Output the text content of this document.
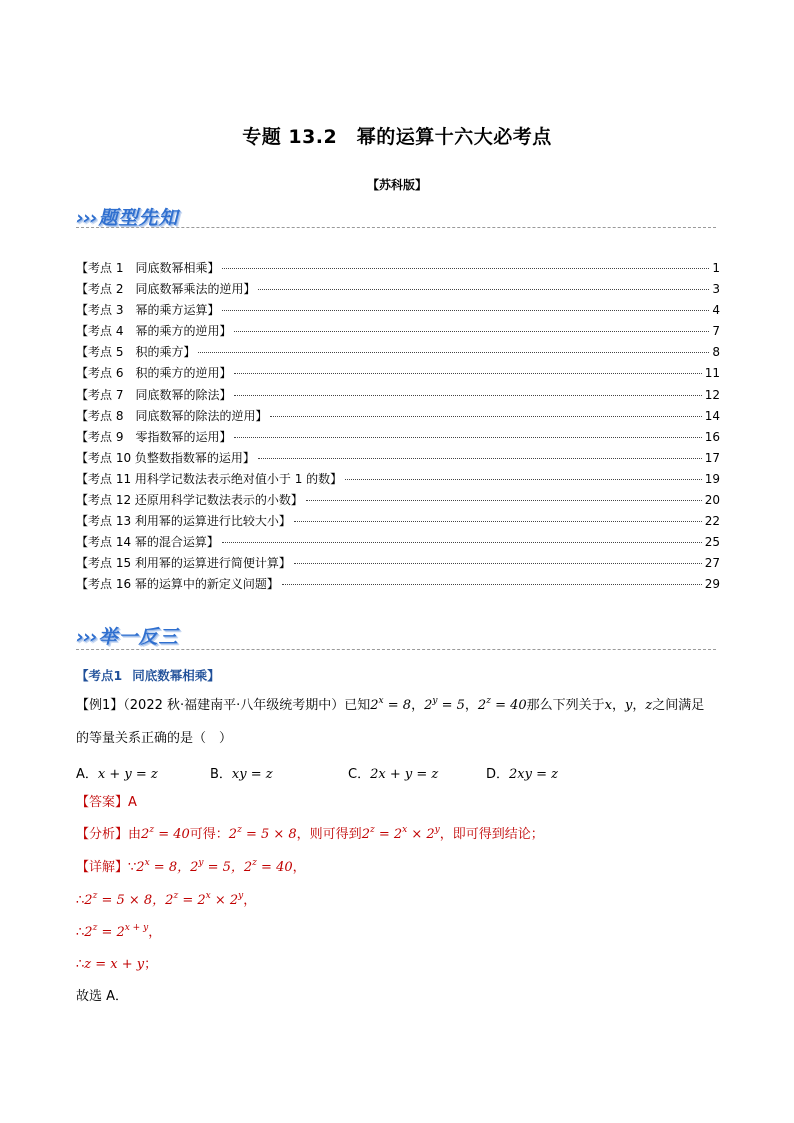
专题 13.2　幂的运算十六大必考点
【苏科版】
››› 题型先知
【考点 1　同底数幂相乘】	1
【考点 2　同底数幂乘法的逆用】	3
【考点 3　幂的乘方运算】	4
【考点 4　幂的乘方的逆用】	7
【考点 5　积的乘方】	8
【考点 6　积的乘方的逆用】	11
【考点 7　同底数幂的除法】	12
【考点 8　同底数幂的除法的逆用】	14
【考点 9　零指数幂的运用】	16
【考点 10 负整数指数幂的运用】	17
【考点 11 用科学记数法表示绝对值小于 1 的数】	19
【考点 12 还原用科学记数法表示的小数】	20
【考点 13 利用幂的运算进行比较大小】	22
【考点 14 幂的混合运算】	25
【考点 15 利用幂的运算进行简便计算】	27
【考点 16 幂的运算中的新定义问题】	29
››› 举一反三
【考点1 同底数幂相乘】
【例1】（2022 秋·福建南平·八年级统考期中）已知$2^x = 8$，$2^y = 5$，$2^z = 40$那么下列关于x，y，z之间满足
的等量关系正确的是（　）
A．x + y = z	B．xy = z	C．2x + y = z	D．2xy = z
【答案】A
【分析】由$2^z = 40$可得：$2^z = 5 \times 8$，则可得到$2^z = 2^x \times 2^y$，即可得到结论；
【详解】$\because 2^x = 8$，$2^y = 5$，$2^z = 40$，
$\therefore 2^z = 5 \times 8$，$2^z = 2^x \times 2^y$，
$\therefore 2^z = 2^{x + y}$，
∴z = x + y；
故选 A．
